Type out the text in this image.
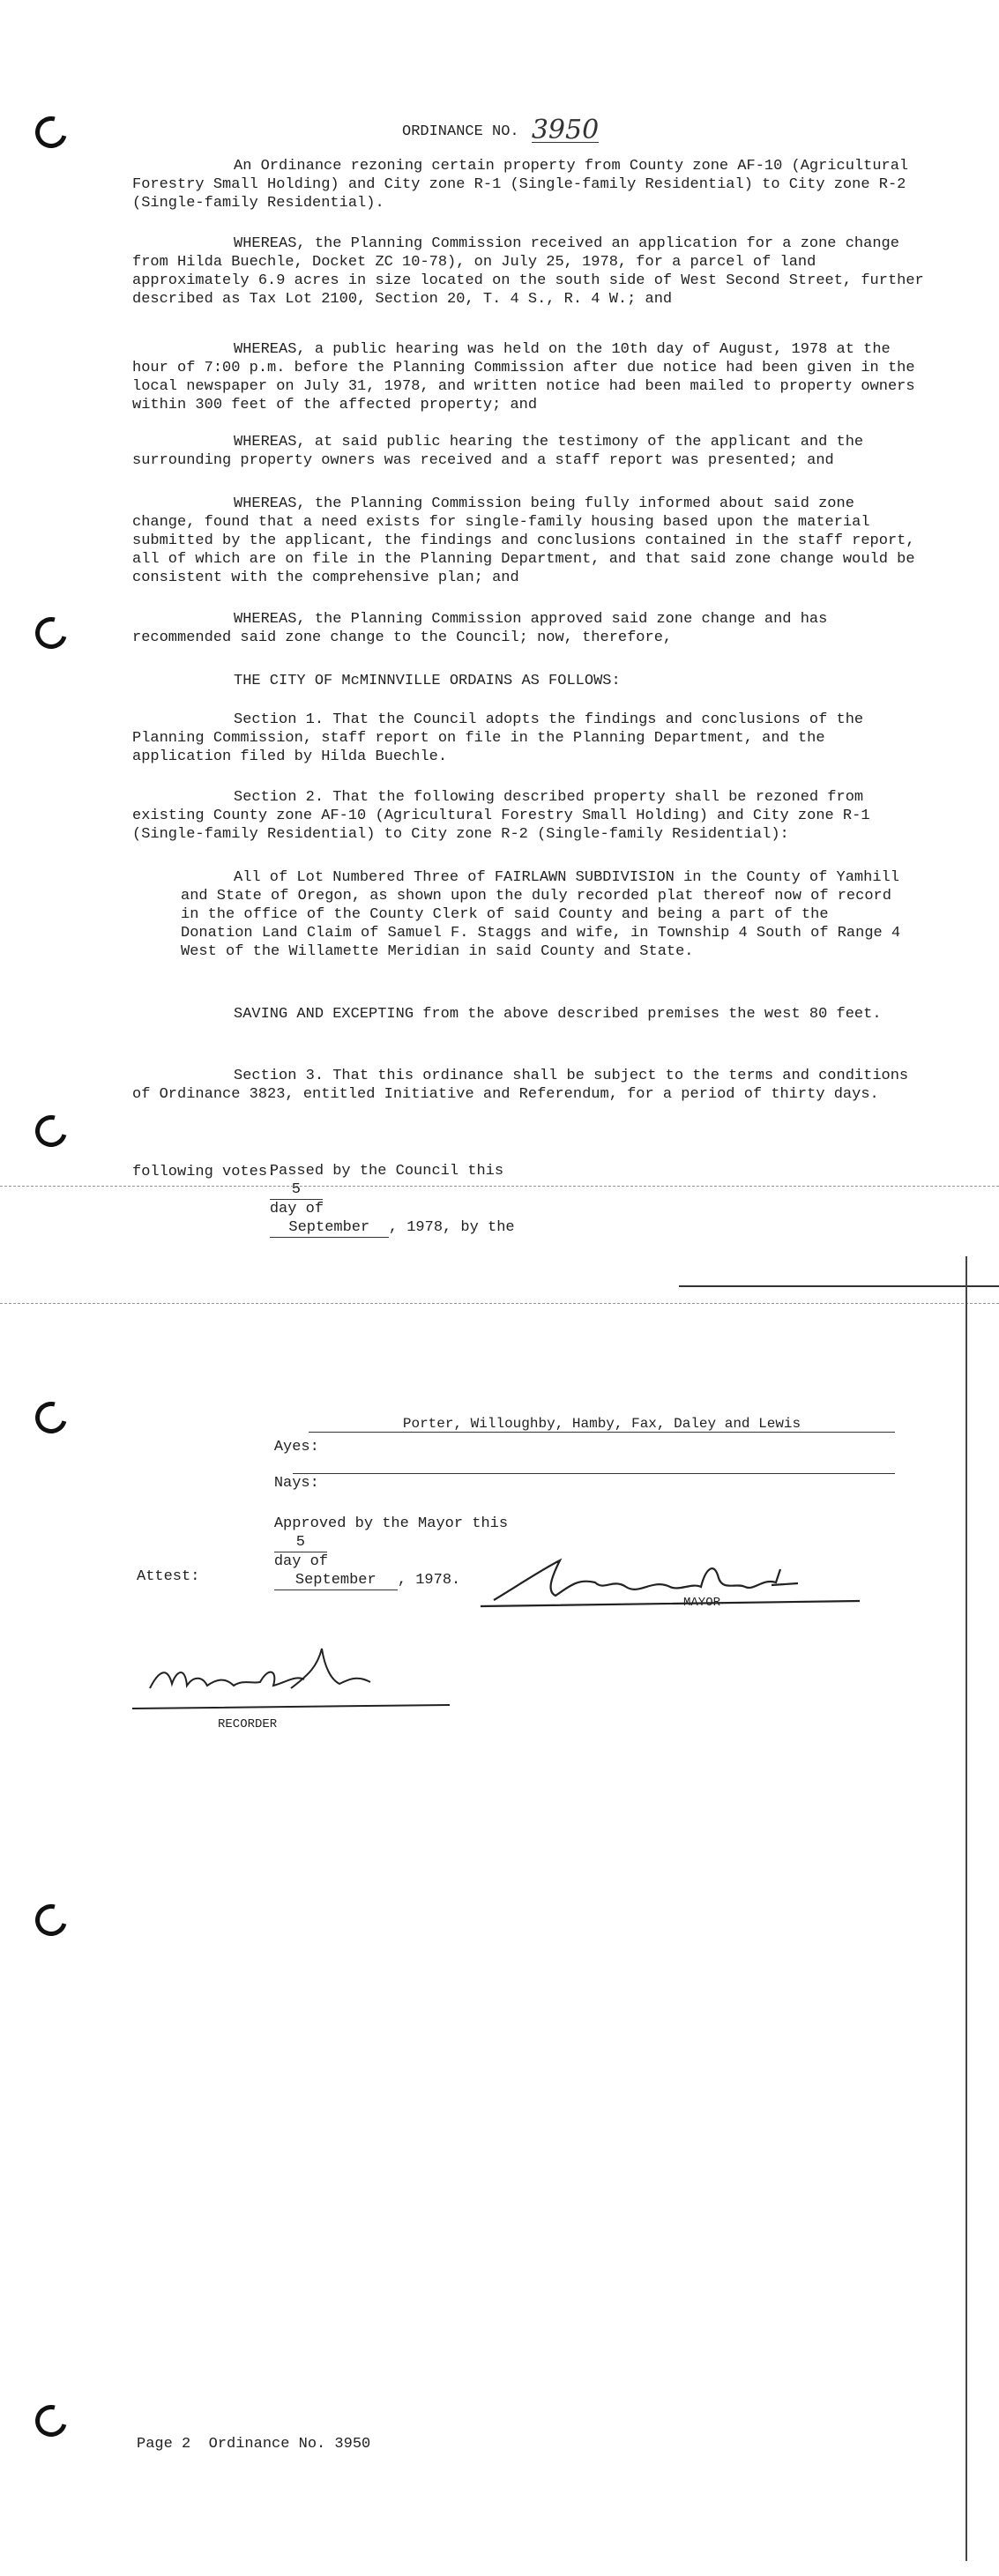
ORDINANCE NO. 3950
An Ordinance rezoning certain property from County zone AF-10 (Agricultural Forestry Small Holding) and City zone R-1 (Single-family Residential) to City zone R-2 (Single-family Residential).
WHEREAS, the Planning Commission received an application for a zone change from Hilda Buechle, Docket ZC 10-78), on July 25, 1978, for a parcel of land approximately 6.9 acres in size located on the south side of West Second Street, further described as Tax Lot 2100, Section 20, T. 4 S., R. 4 W.; and
WHEREAS, a public hearing was held on the 10th day of August, 1978 at the hour of 7:00 p.m. before the Planning Commission after due notice had been given in the local newspaper on July 31, 1978, and written notice had been mailed to property owners within 300 feet of the affected property; and
WHEREAS, at said public hearing the testimony of the applicant and the surrounding property owners was received and a staff report was presented; and
WHEREAS, the Planning Commission being fully informed about said zone change, found that a need exists for single-family housing based upon the material submitted by the applicant, the findings and conclusions contained in the staff report, all of which are on file in the Planning Department, and that said zone change would be consistent with the comprehensive plan; and
WHEREAS, the Planning Commission approved said zone change and has recommended said zone change to the Council; now, therefore,
THE CITY OF McMINNVILLE ORDAINS AS FOLLOWS:
Section 1. That the Council adopts the findings and conclusions of the Planning Commission, staff report on file in the Planning Department, and the application filed by Hilda Buechle.
Section 2. That the following described property shall be rezoned from existing County zone AF-10 (Agricultural Forestry Small Holding) and City zone R-1 (Single-family Residential) to City zone R-2 (Single-family Residential):
All of Lot Numbered Three of FAIRLAWN SUBDIVISION in the County of Yamhill and State of Oregon, as shown upon the duly recorded plat thereof now of record in the office of the County Clerk of said County and being a part of the Donation Land Claim of Samuel F. Staggs and wife, in Township 4 South of Range 4 West of the Willamette Meridian in said County and State.
SAVING AND EXCEPTING from the above described premises the west 80 feet.
Section 3. That this ordinance shall be subject to the terms and conditions of Ordinance 3823, entitled Initiative and Referendum, for a period of thirty days.

Passed by the Council this
5
day of
September , 1978, by the

following votes:

Ayes:

Porter, Willoughby, Hamby, Fax, Daley and Lewis

Nays:

Approved by the Mayor this
5
day of
September , 1978.

MAYOR
Attest:
RECORDER
Page 2  Ordinance No. 3950
